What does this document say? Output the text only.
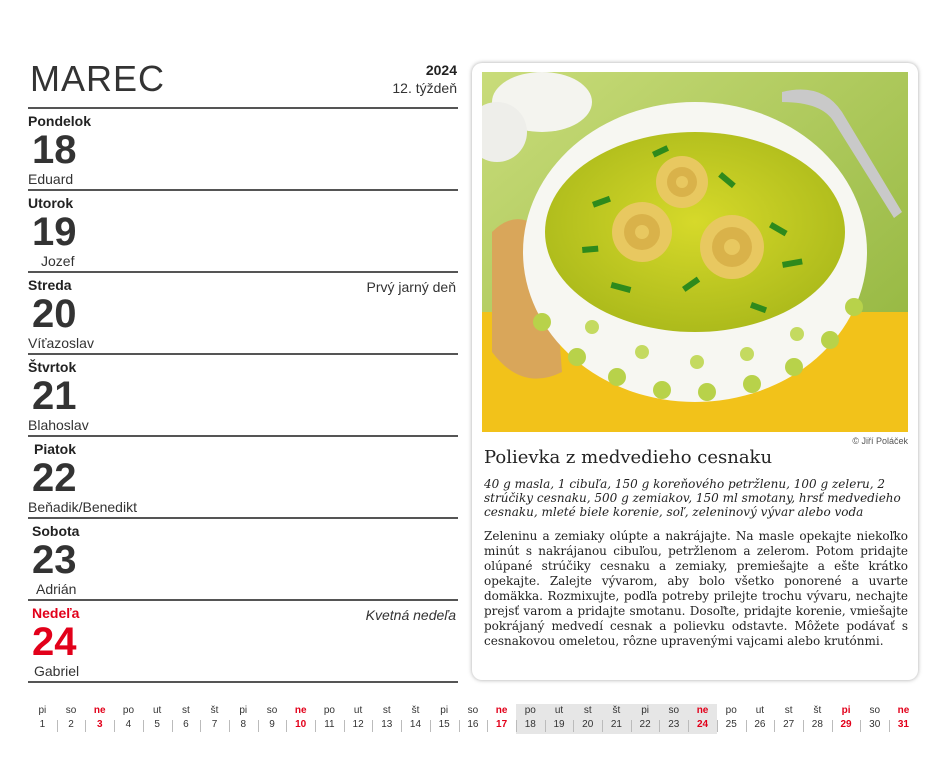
MAREC	2024
12. týždeň
Pondelok
18
Eduard
Utorok
19
Jozef
Streda
20
Víťazoslav
Prvý jarný deň
Štvrtok
21
Blahoslav
Piatok
22
Beňadik/Benedikt
Sobota
23
Adrián
Nedeľa
24
Gabriel
Kvetná nedeľa
© Jiří Poláček
Polievka z medvedieho cesnaku
40 g masla, 1 cibuľa, 150 g koreňového petržlenu, 100 g zeleru, 2 strúčiky cesnaku, 500 g zemiakov, 150 ml smotany, hrsť medvedieho cesnaku, mleté biele korenie, soľ, zeleninový vývar alebo voda
Zeleninu a zemiaky olúpte a nakrájajte. Na masle opekajte niekoľko minút s nakrájanou cibuľou, petržlenom a zelerom. Potom pridajte olúpané strúčiky cesnaku a zemiaky, premiešajte a ešte krátko opekajte. Zalejte vývarom, aby bolo všetko ponorené a uvarte domäkka. Rozmixujte, podľa potreby prilejte trochu vývaru, nechajte prejsť varom a pridajte smotanu. Dosoľte, pridajte korenie, vmiešajte pokrájaný medvedí cesnak a polievku odstavte. Môžete podávať s cesnakovou omeletou, rôzne upravenými vajcami alebo krutónmi.
pi
1
so
2
ne
3
po
4
ut
5
st
6
št
7
pi
8
so
9
ne
10
po
11
ut
12
st
13
št
14
pi
15
so
16
ne
17
po
18
ut
19
st
20
št
21
pi
22
so
23
ne
24
po
25
ut
26
st
27
št
28
pi
29
so
30
ne
31
